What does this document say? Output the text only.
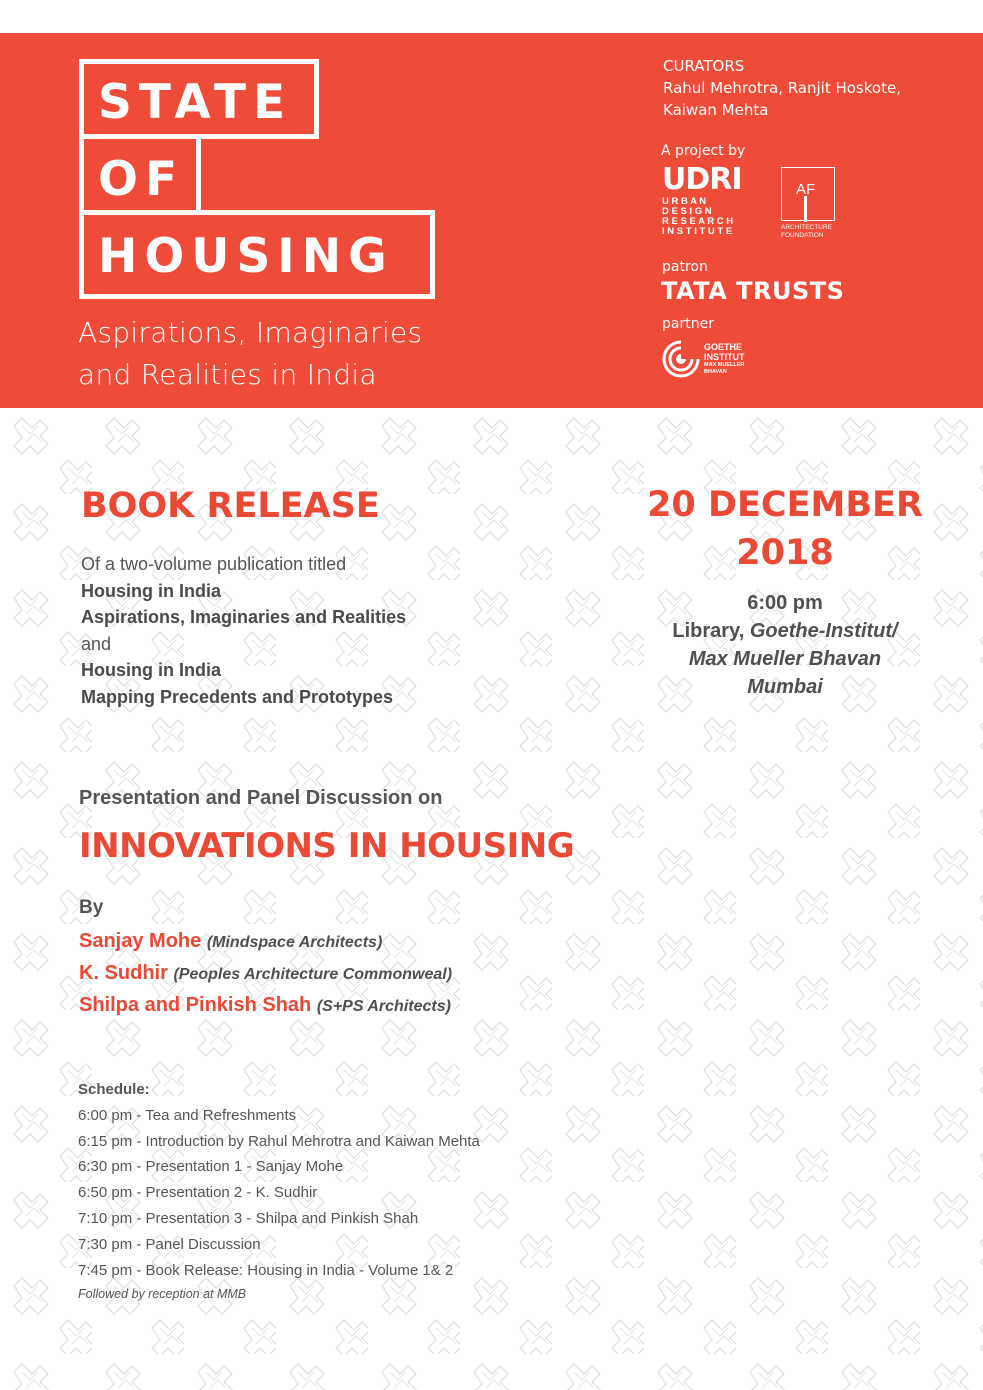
STATE
OF
HOUSING
Aspirations, Imaginaries
and Realities in India
CURATORS
Rahul Mehrotra, Ranjit Hoskote,
Kaiwan Mehta
A project by
UDRI
U R B A N
D E S I G N
R E S E A R C H
I N S T I T U T E
AF
ARCHITECTURE
FOUNDATION
patron
TATA TRUSTS
partner
GOETHE
INSTITUT
MAX MUELLER
BHAVAN
BOOK RELEASE
Of a two-volume publication titled
Housing in India
Aspirations, Imaginaries and Realities
and
Housing in India
Mapping Precedents and Prototypes
20 DECEMBER
2018
6:00 pm
Library, Goethe-Institut/
Max Mueller Bhavan
Mumbai
Presentation and Panel Discussion on
INNOVATIONS IN HOUSING
By
Sanjay Mohe (Mindspace Architects)
K. Sudhir (Peoples Architecture Commonweal)
Shilpa and Pinkish Shah (S+PS Architects)
Schedule:
6:00 pm - Tea and Refreshments
6:15 pm - Introduction by Rahul Mehrotra and Kaiwan Mehta
6:30 pm - Presentation 1 - Sanjay Mohe
6:50 pm - Presentation 2 - K. Sudhir
7:10 pm - Presentation 3 - Shilpa and Pinkish Shah
7:30 pm - Panel Discussion
7:45 pm - Book Release: Housing in India - Volume 1& 2
Followed by reception at MMB
